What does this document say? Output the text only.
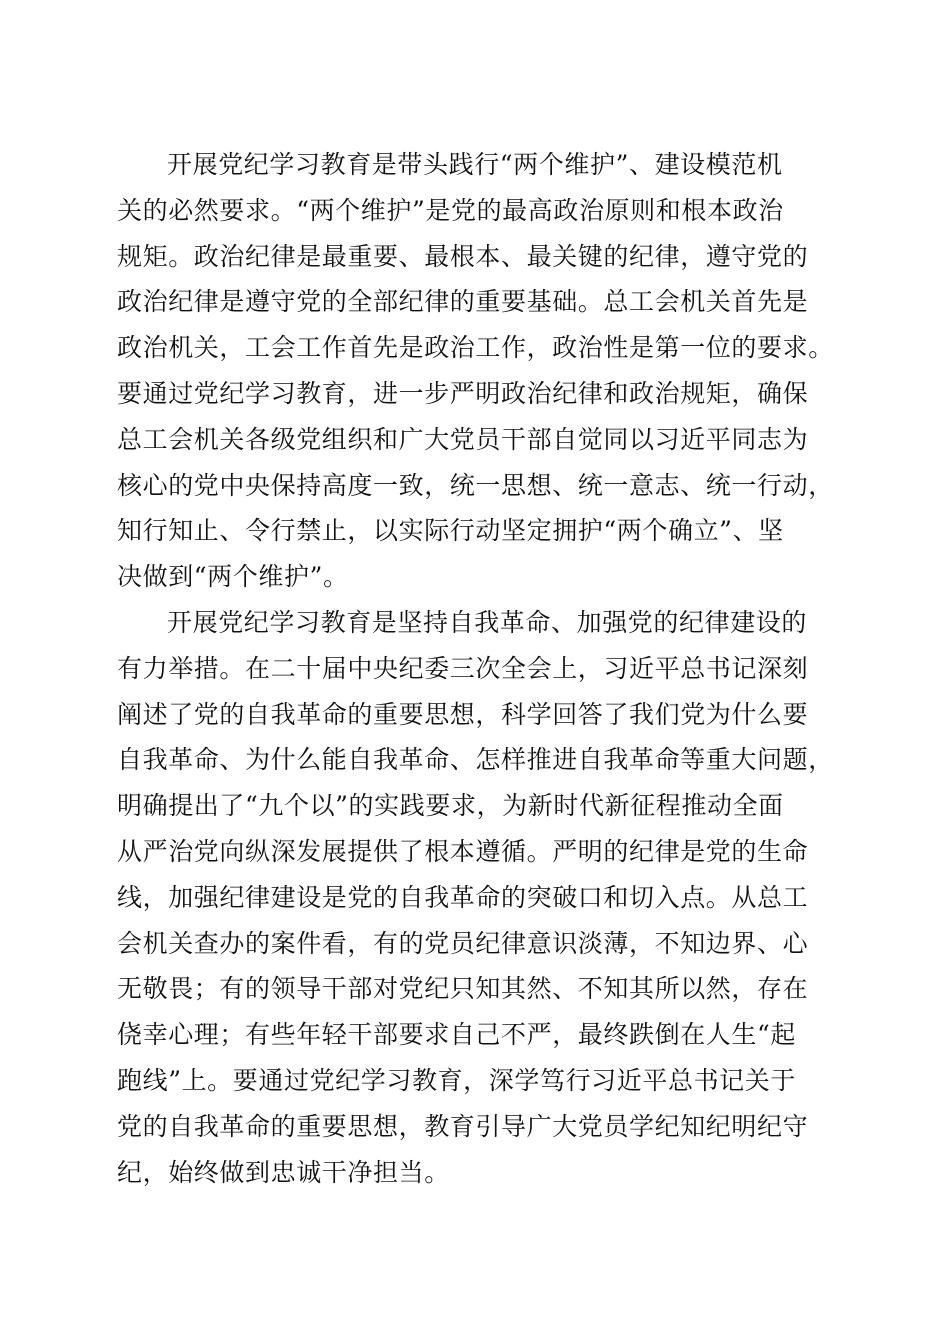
开展党纪学习教育是带头践行“两个维护”、建设模范机
关的必然要求。“两个维护”是党的最高政治原则和根本政治
规矩。政治纪律是最重要、最根本、最关键的纪律，遵守党的
政治纪律是遵守党的全部纪律的重要基础。总工会机关首先是
政治机关，工会工作首先是政治工作，政治性是第一位的要求。
要通过党纪学习教育，进一步严明政治纪律和政治规矩，确保
总工会机关各级党组织和广大党员干部自觉同以习近平同志为
核心的党中央保持高度一致，统一思想、统一意志、统一行动，
知行知止、令行禁止，以实际行动坚定拥护“两个确立”、坚
决做到“两个维护”。
开展党纪学习教育是坚持自我革命、加强党的纪律建设的
有力举措。在二十届中央纪委三次全会上，习近平总书记深刻
阐述了党的自我革命的重要思想，科学回答了我们党为什么要
自我革命、为什么能自我革命、怎样推进自我革命等重大问题，
明确提出了“九个以”的实践要求，为新时代新征程推动全面
从严治党向纵深发展提供了根本遵循。严明的纪律是党的生命
线，加强纪律建设是党的自我革命的突破口和切入点。从总工
会机关查办的案件看，有的党员纪律意识淡薄，不知边界、心
无敬畏；有的领导干部对党纪只知其然、不知其所以然，存在
侥幸心理；有些年轻干部要求自己不严，最终跌倒在人生“起
跑线”上。要通过党纪学习教育，深学笃行习近平总书记关于
党的自我革命的重要思想，教育引导广大党员学纪知纪明纪守
纪，始终做到忠诚干净担当。
